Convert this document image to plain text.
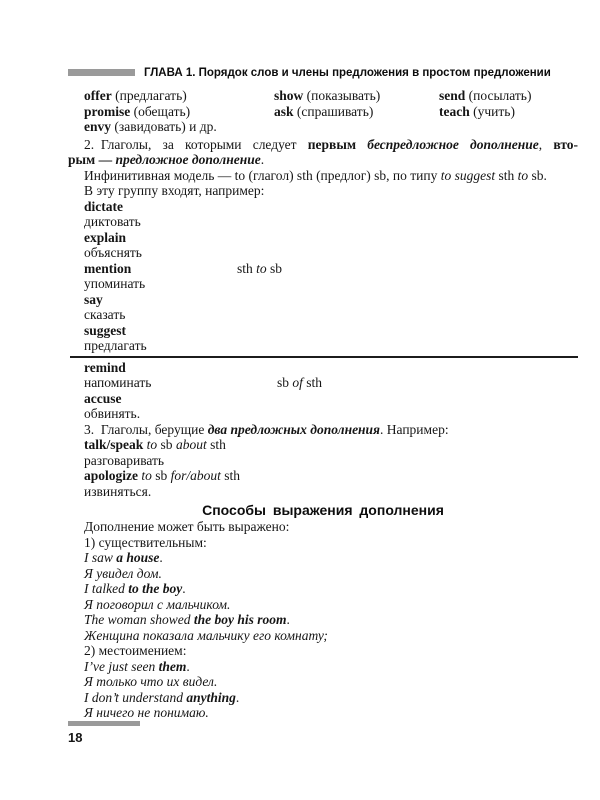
ГЛАВА 1. Порядок слов и члены предложения в простом предложении
offer (предлагать)	show (показывать)	send (посылать)
promise (обещать)	ask (спрашивать)	teach (учить)
envy (завидовать) и др.
2. Глаголы, за которыми следует первым беспредложное дополнение, вто-
рым — предложное дополнение.
Инфинитивная модель — to (глагол) sth (предлог) sb, по типу to suggest sth to sb.
В эту группу входят, например:
dictate
диктовать
explain
объяснять
mention	sth to sb
упоминать
say
сказать
suggest
предлагать
remind
напоминать	sb of sth
accuse
обвинять.
3. Глаголы, берущие два предложных дополнения. Например:
talk/speak to sb about sth
разговаривать
apologize to sb for/about sth
извиняться.
Способы выражения дополнения
Дополнение может быть выражено:
1) существительным:
I saw a house.
Я увидел дом.
I talked to the boy.
Я поговорил с мальчиком.
The woman showed the boy his room.
Женщина показала мальчику его комнату;
2) местоимением:
I’ve just seen them.
Я только что их видел.
I don’t understand anything.
Я ничего не понимаю.
18
